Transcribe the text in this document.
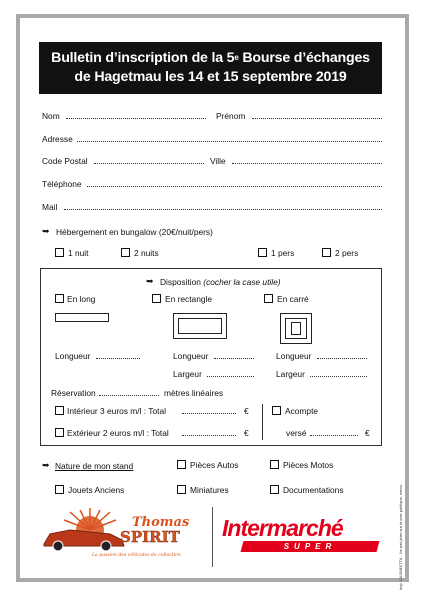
Bulletin d’inscription de la 5e Bourse d’échanges
de Hagetmau les 14 et 15 septembre 2019
Nom	Prénom
Adresse
Code Postal	Ville
Téléphone
Mail
➥ Hébergement en bungalow (20€/nuit/pers)
1 nuit	2 nuits	1 pers	2 pers
➥ Disposition (cocher la case utile)
En long	En rectangle	En carré
Longueur	Longueur	Longueur
Largeur	Largeur
Réservation	mètres linéaires
Intérieur 3 euros m/l : Total	€
Extérieur 2 euros m/l : Total	€
Acompte
versé	€
➥ Nature de mon stand	Pièces Autos	Pièces Motos
Jouets Anciens	Miniatures	Documentations
Thomas
SPIRIT
La passion des véhicules de collection
Intermarché
SUPER	Imp. CASABETTA - Ne pas jeter sur la voie publique, merci.
